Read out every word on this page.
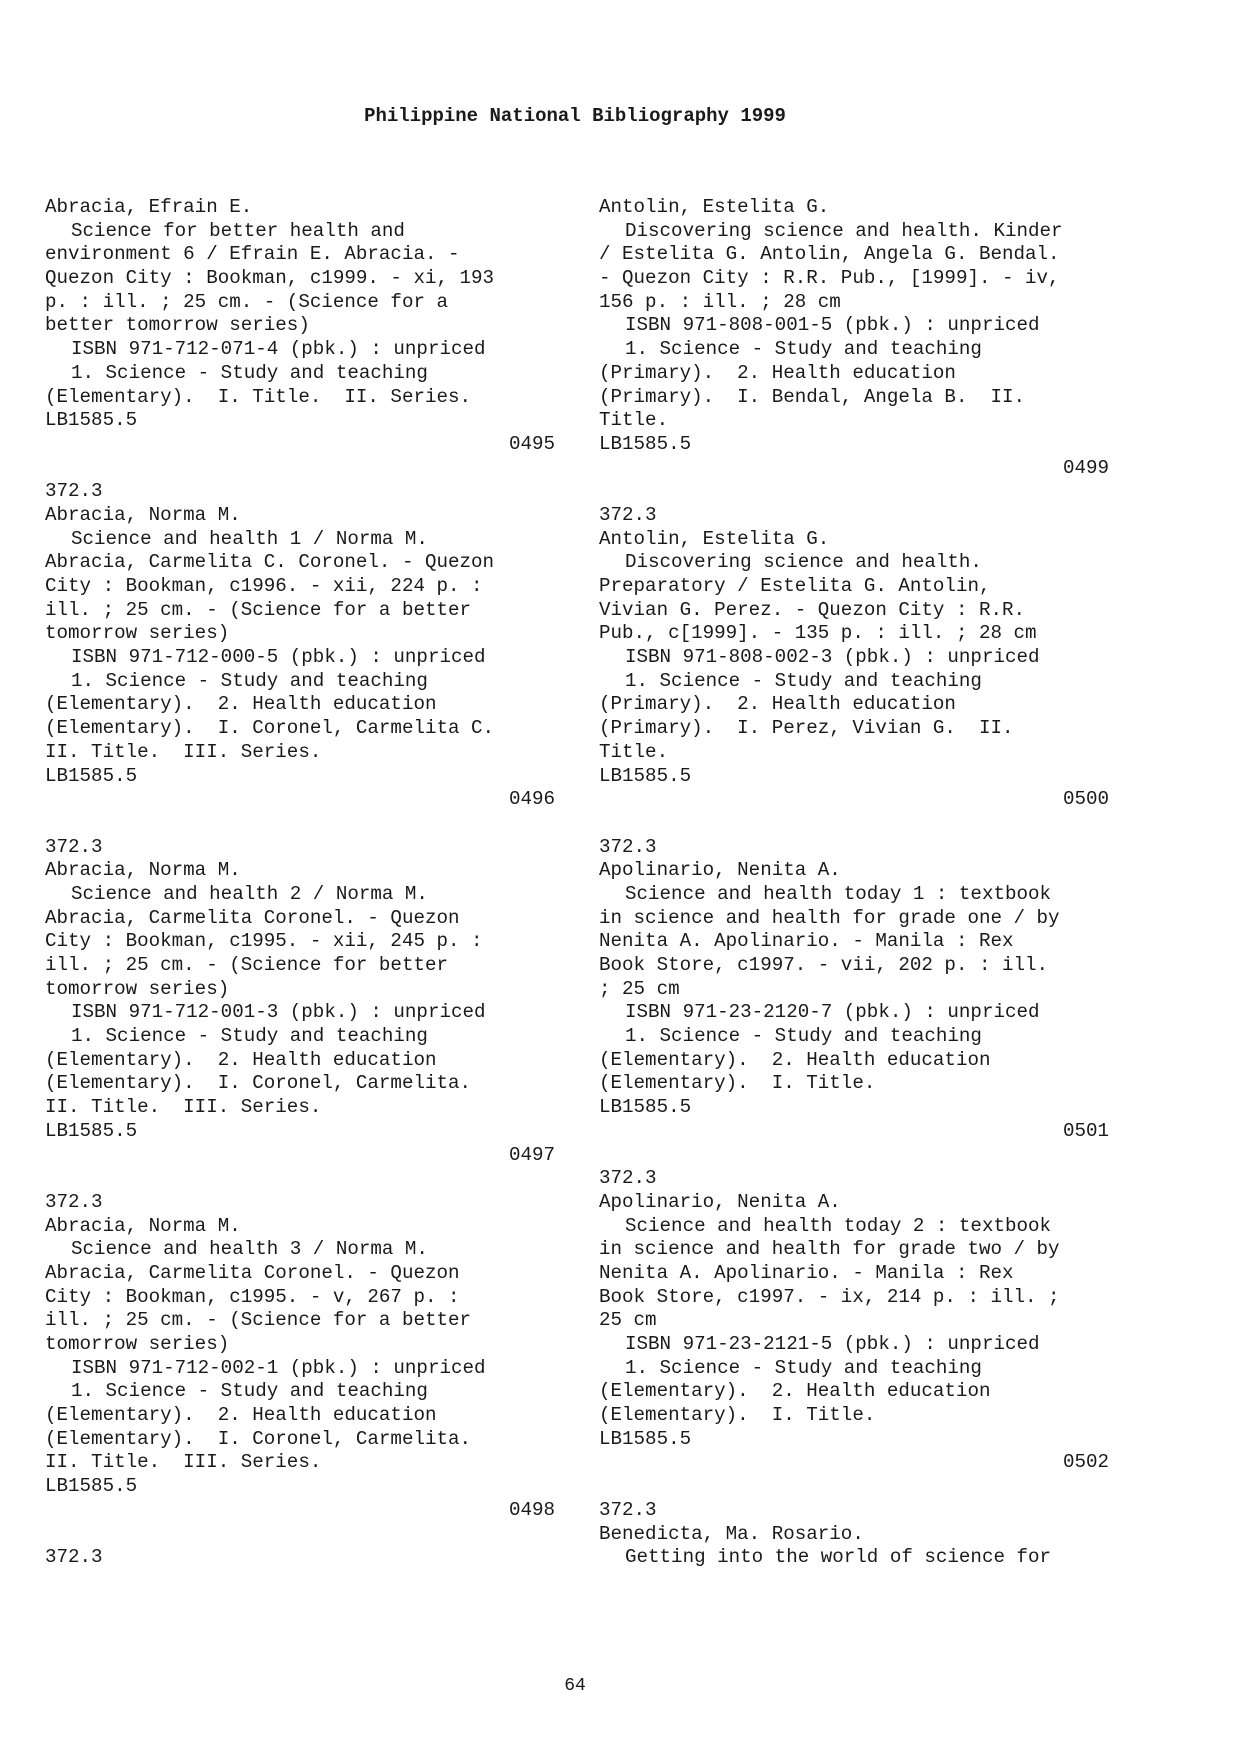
Philippine National Bibliography 1999
Abracia, Efrain E.
Science for better health and
environment 6 / Efrain E. Abracia. -
Quezon City : Bookman, c1999. - xi, 193
p. : ill. ; 25 cm. - (Science for a
better tomorrow series)
ISBN 971-712-071-4 (pbk.) : unpriced
1. Science - Study and teaching
(Elementary).  I. Title.  II. Series.
LB1585.5
0495
372.3
Abracia, Norma M.
Science and health 1 / Norma M.
Abracia, Carmelita C. Coronel. - Quezon
City : Bookman, c1996. - xii, 224 p. :
ill. ; 25 cm. - (Science for a better
tomorrow series)
ISBN 971-712-000-5 (pbk.) : unpriced
1. Science - Study and teaching
(Elementary).  2. Health education
(Elementary).  I. Coronel, Carmelita C.
II. Title.  III. Series.
LB1585.5
0496
372.3
Abracia, Norma M.
Science and health 2 / Norma M.
Abracia, Carmelita Coronel. - Quezon
City : Bookman, c1995. - xii, 245 p. :
ill. ; 25 cm. - (Science for better
tomorrow series)
ISBN 971-712-001-3 (pbk.) : unpriced
1. Science - Study and teaching
(Elementary).  2. Health education
(Elementary).  I. Coronel, Carmelita.
II. Title.  III. Series.
LB1585.5
0497
372.3
Abracia, Norma M.
Science and health 3 / Norma M.
Abracia, Carmelita Coronel. - Quezon
City : Bookman, c1995. - v, 267 p. :
ill. ; 25 cm. - (Science for a better
tomorrow series)
ISBN 971-712-002-1 (pbk.) : unpriced
1. Science - Study and teaching
(Elementary).  2. Health education
(Elementary).  I. Coronel, Carmelita.
II. Title.  III. Series.
LB1585.5
0498
372.3
Antolin, Estelita G.
Discovering science and health. Kinder
/ Estelita G. Antolin, Angela G. Bendal.
- Quezon City : R.R. Pub., [1999]. - iv,
156 p. : ill. ; 28 cm
ISBN 971-808-001-5 (pbk.) : unpriced
1. Science - Study and teaching
(Primary).  2. Health education
(Primary).  I. Bendal, Angela B.  II.
Title.
LB1585.5
0499
372.3
Antolin, Estelita G.
Discovering science and health.
Preparatory / Estelita G. Antolin,
Vivian G. Perez. - Quezon City : R.R.
Pub., c[1999]. - 135 p. : ill. ; 28 cm
ISBN 971-808-002-3 (pbk.) : unpriced
1. Science - Study and teaching
(Primary).  2. Health education
(Primary).  I. Perez, Vivian G.  II.
Title.
LB1585.5
0500
372.3
Apolinario, Nenita A.
Science and health today 1 : textbook
in science and health for grade one / by
Nenita A. Apolinario. - Manila : Rex
Book Store, c1997. - vii, 202 p. : ill.
; 25 cm
ISBN 971-23-2120-7 (pbk.) : unpriced
1. Science - Study and teaching
(Elementary).  2. Health education
(Elementary).  I. Title.
LB1585.5
0501
372.3
Apolinario, Nenita A.
Science and health today 2 : textbook
in science and health for grade two / by
Nenita A. Apolinario. - Manila : Rex
Book Store, c1997. - ix, 214 p. : ill. ;
25 cm
ISBN 971-23-2121-5 (pbk.) : unpriced
1. Science - Study and teaching
(Elementary).  2. Health education
(Elementary).  I. Title.
LB1585.5
0502
372.3
Benedicta, Ma. Rosario.
Getting into the world of science for
64
